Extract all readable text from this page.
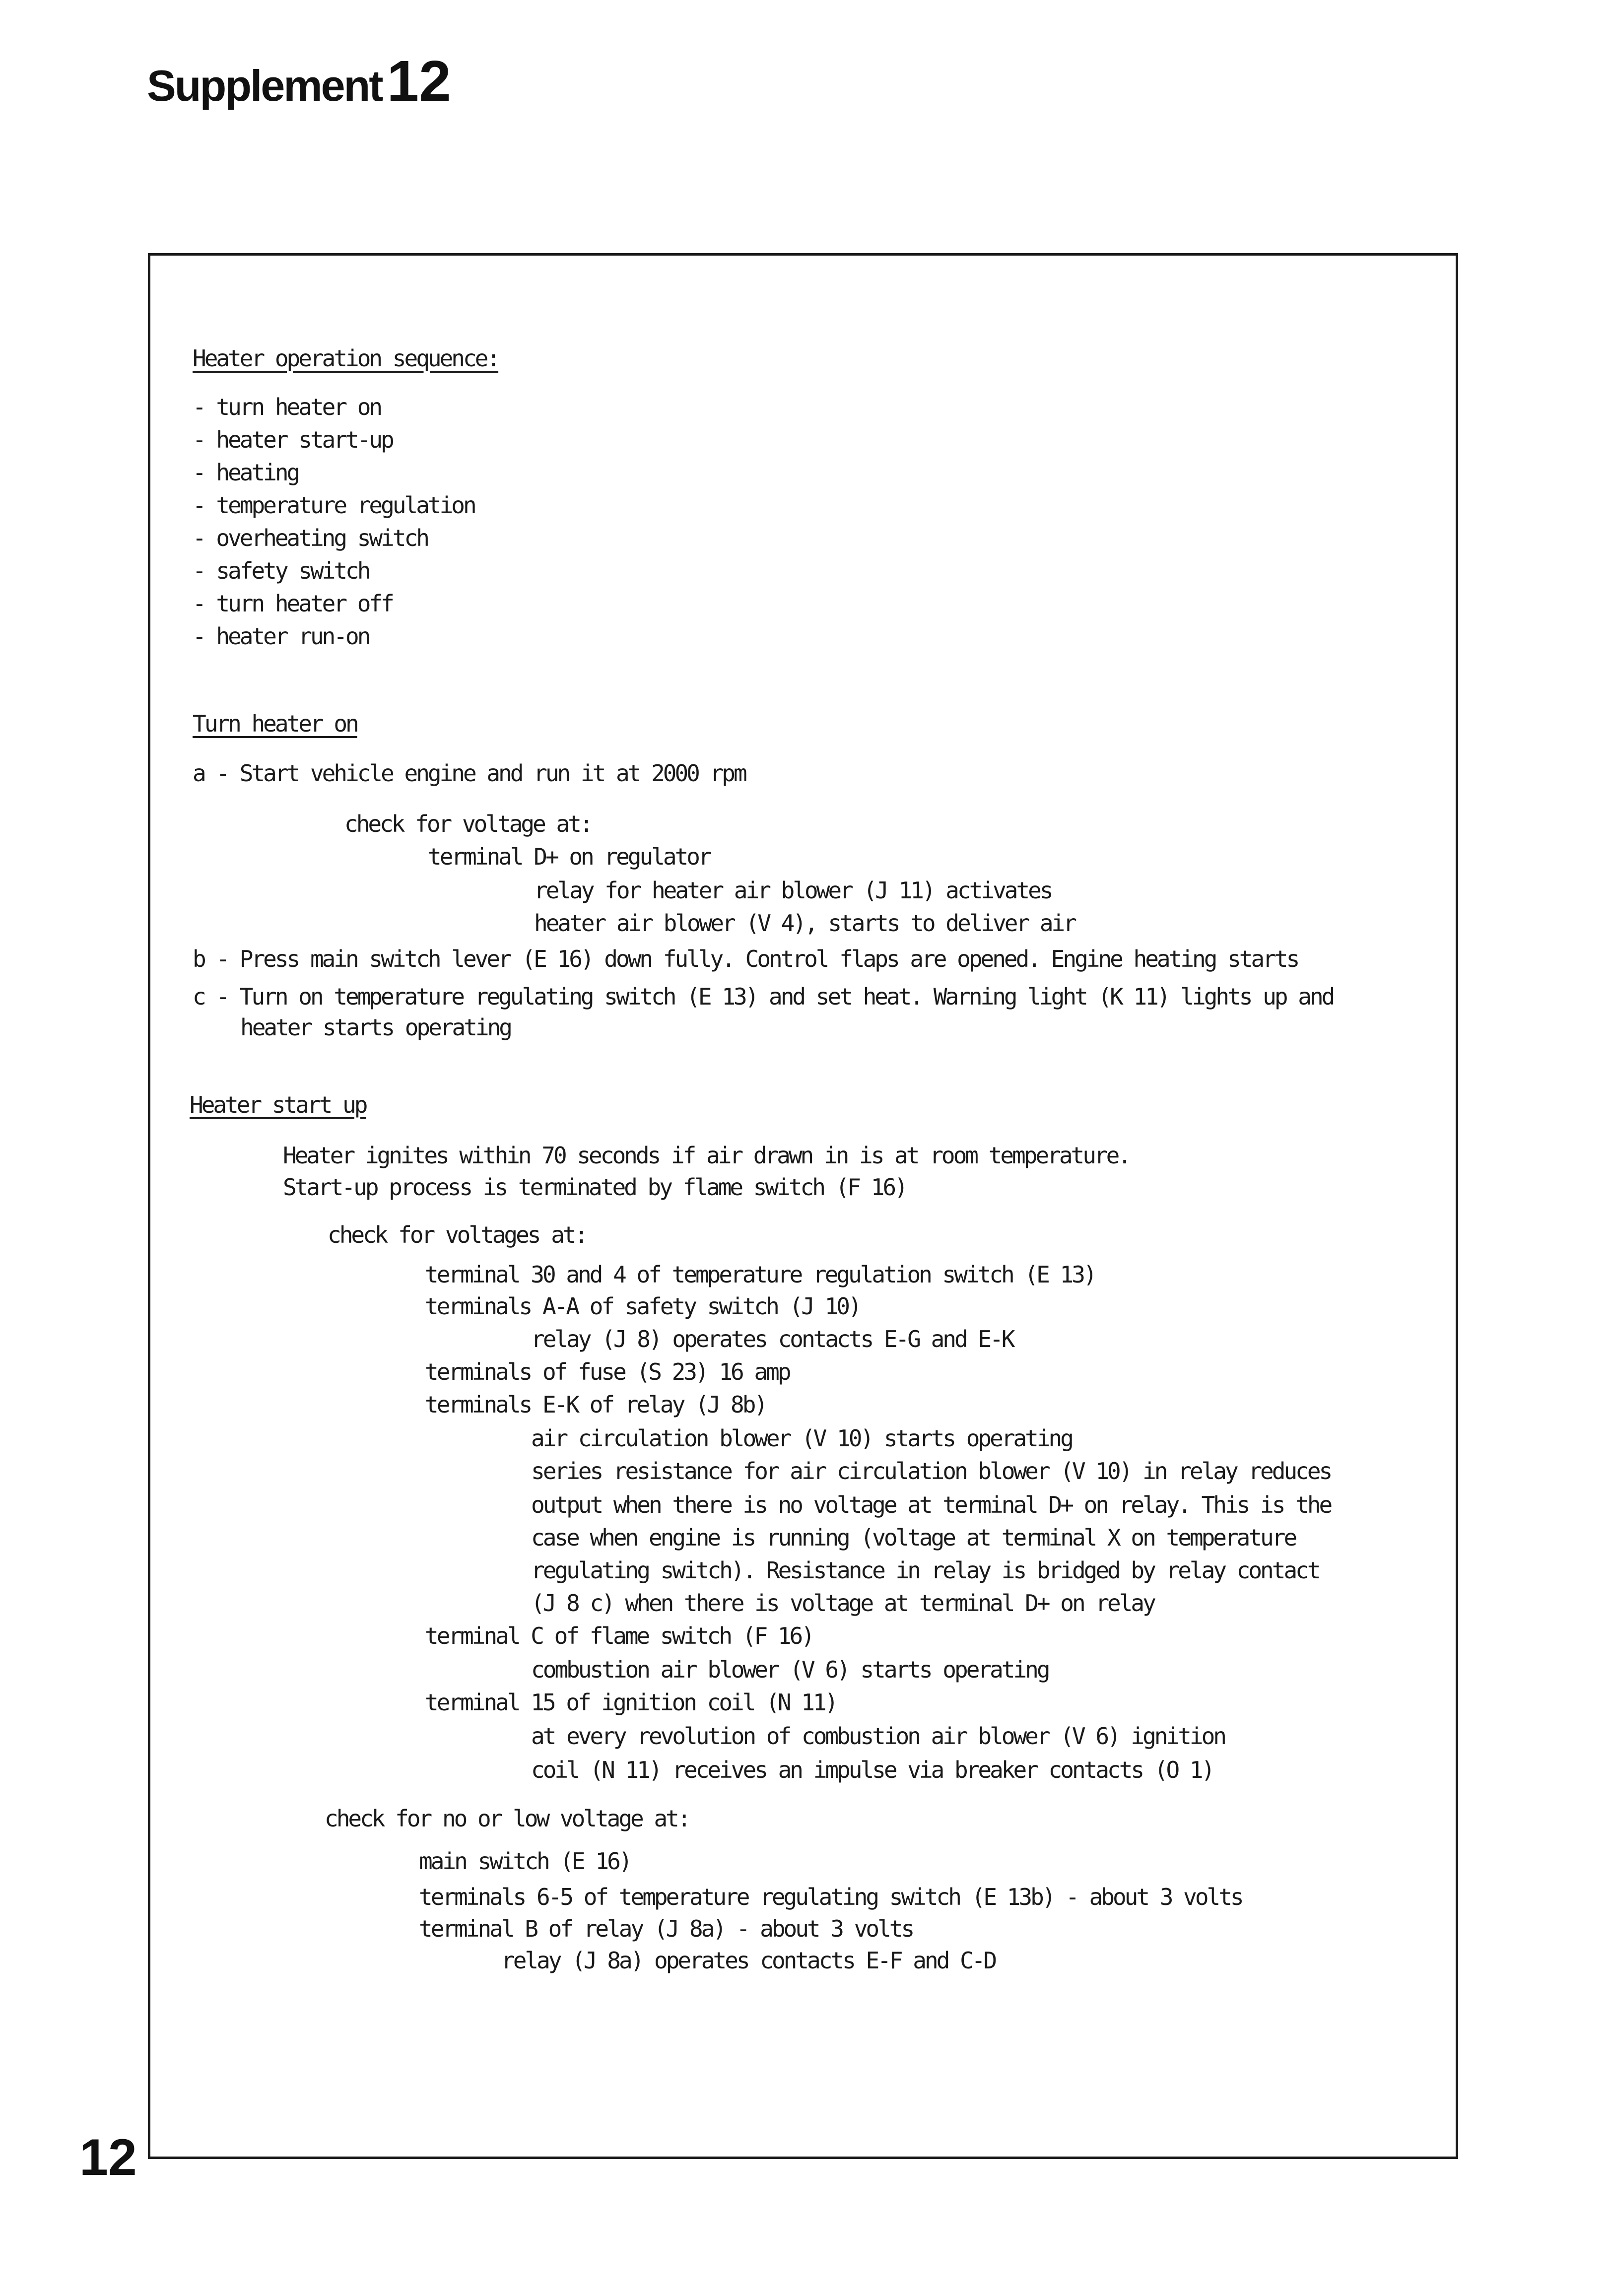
Supplement12
12
Heater operation sequence:
- turn heater on
- heater start-up
- heating
- temperature regulation
- overheating switch
- safety switch
- turn heater off
- heater run-on
Turn heater on
a - Start vehicle engine and run it at 2000 rpm
check for voltage at:
terminal D+ on regulator
relay for heater air blower (J 11) activates
heater air blower (V 4), starts to deliver air
b - Press main switch lever (E 16) down fully. Control flaps are opened. Engine heating starts
c - Turn on temperature regulating switch (E 13) and set heat. Warning light (K 11) lights up and
heater starts operating
Heater start up
Heater ignites within 70 seconds if air drawn in is at room temperature.
Start-up process is terminated by flame switch (F 16)
check for voltages at:
terminal 30 and 4 of temperature regulation switch (E 13)
terminals A-A of safety switch (J 10)
relay (J 8) operates contacts E-G and E-K
terminals of fuse (S 23) 16 amp
terminals E-K of relay (J 8b)
air circulation blower (V 10) starts operating
series resistance for air circulation blower (V 10) in relay reduces
output when there is no voltage at terminal D+ on relay. This is the
case when engine is running (voltage at terminal X on temperature
regulating switch). Resistance in relay is bridged by relay contact
(J 8 c) when there is voltage at terminal D+ on relay
terminal C of flame switch (F 16)
combustion air blower (V 6) starts operating
terminal 15 of ignition coil (N 11)
at every revolution of combustion air blower (V 6) ignition
coil (N 11) receives an impulse via breaker contacts (O 1)
check for no or low voltage at:
main switch (E 16)
terminals 6-5 of temperature regulating switch (E 13b) - about 3 volts
terminal B of relay (J 8a) - about 3 volts
relay (J 8a) operates contacts E-F and C-D
